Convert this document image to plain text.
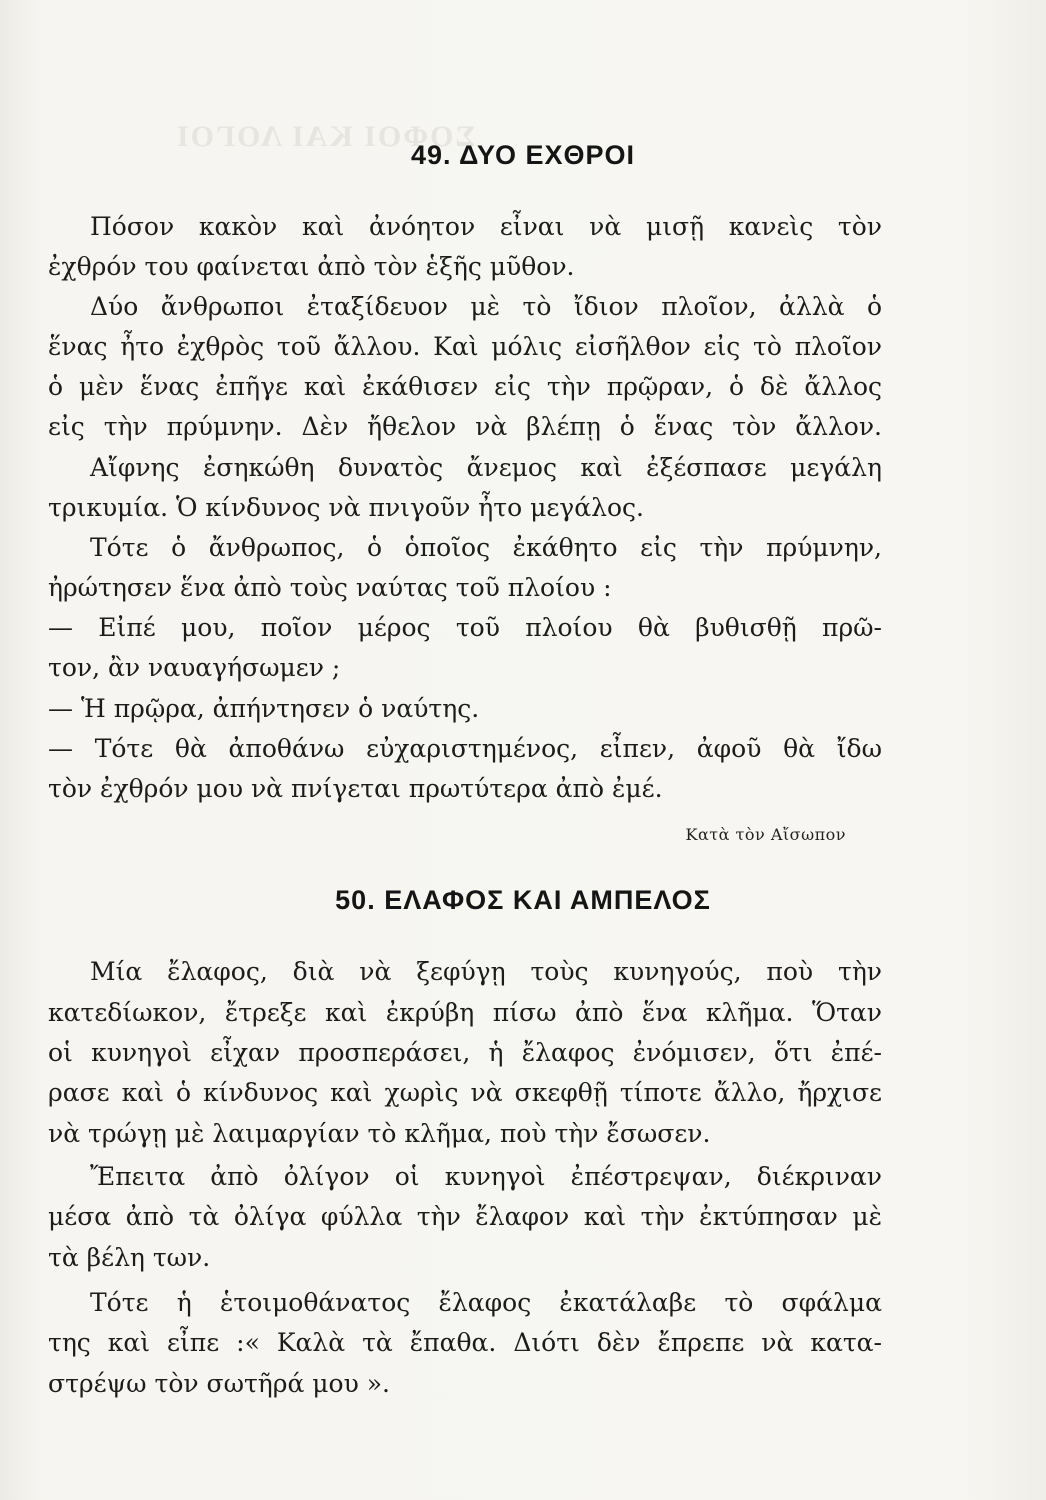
ΣΟΦΟΙ ΚΑΙ ΛΟΓΟΙ
49. ΔΥΟ ΕΧΘΡΟΙ
Πόσον κακὸν καὶ ἀνόητον εἶναι νὰ μισῇ κανεὶς τὸν
ἐχθρόν του φαίνεται ἀπὸ τὸν ἑξῆς μῦθον.
Δύο ἄνθρωποι ἐταξίδευον μὲ τὸ ἴδιον πλοῖον, ἀλλὰ ὁ
ἕνας ἦτο ἐχθρὸς τοῦ ἄλλου. Καὶ μόλις εἰσῆλθον εἰς τὸ πλοῖον
ὁ μὲν ἕνας ἐπῆγε καὶ ἐκάθισεν εἰς τὴν πρῷραν, ὁ δὲ ἄλλος
εἰς τὴν πρύμνην. Δὲν ἤθελον νὰ βλέπῃ ὁ ἕνας τὸν ἄλλον.
Αἴφνης ἐσηκώθη δυνατὸς ἄνεμος καὶ ἐξέσπασε μεγάλη
τρικυμία. Ὁ κίνδυνος νὰ πνιγοῦν ἦτο μεγάλος.
Τότε ὁ ἄνθρωπος, ὁ ὁποῖος ἐκάθητο εἰς τὴν πρύμνην,
ἠρώτησεν ἕνα ἀπὸ τοὺς ναύτας τοῦ πλοίου :
— Εἰπέ μου, ποῖον μέρος τοῦ πλοίου θὰ βυθισθῇ πρῶ-
τον, ἂν ναυαγήσωμεν ;
— Ἡ πρῷρα, ἀπήντησεν ὁ ναύτης.
— Τότε θὰ ἀποθάνω εὐχαριστημένος, εἶπεν, ἀφοῦ θὰ ἴδω
τὸν ἐχθρόν μου νὰ πνίγεται πρωτύτερα ἀπὸ ἐμέ.
Κατὰ τὸν Αἴσωπον
50. ΕΛΑΦΟΣ ΚΑΙ ΑΜΠΕΛΟΣ
Μία ἔλαφος, διὰ νὰ ξεφύγῃ τοὺς κυνηγούς, ποὺ τὴν
κατεδίωκον, ἔτρεξε καὶ ἐκρύβη πίσω ἀπὸ ἕνα κλῆμα. Ὅταν
οἱ κυνηγοὶ εἶχαν προσπεράσει, ἡ ἔλαφος ἐνόμισεν, ὅτι ἐπέ-
ρασε καὶ ὁ κίνδυνος καὶ χωρὶς νὰ σκεφθῇ τίποτε ἄλλο, ἤρχισε
νὰ τρώγῃ μὲ λαιμαργίαν τὸ κλῆμα, ποὺ τὴν ἔσωσεν.
Ἔπειτα ἀπὸ ὀλίγον οἱ κυνηγοὶ ἐπέστρεψαν, διέκριναν
μέσα ἀπὸ τὰ ὀλίγα φύλλα τὴν ἔλαφον καὶ τὴν ἐκτύπησαν μὲ
τὰ βέλη των.
Τότε ἡ ἑτοιμοθάνατος ἔλαφος ἐκατάλαβε τὸ σφάλμα
της καὶ εἶπε :« Καλὰ τὰ ἔπαθα. Διότι δὲν ἔπρεπε νὰ κατα-
στρέψω τὸν σωτῆρά μου ».
